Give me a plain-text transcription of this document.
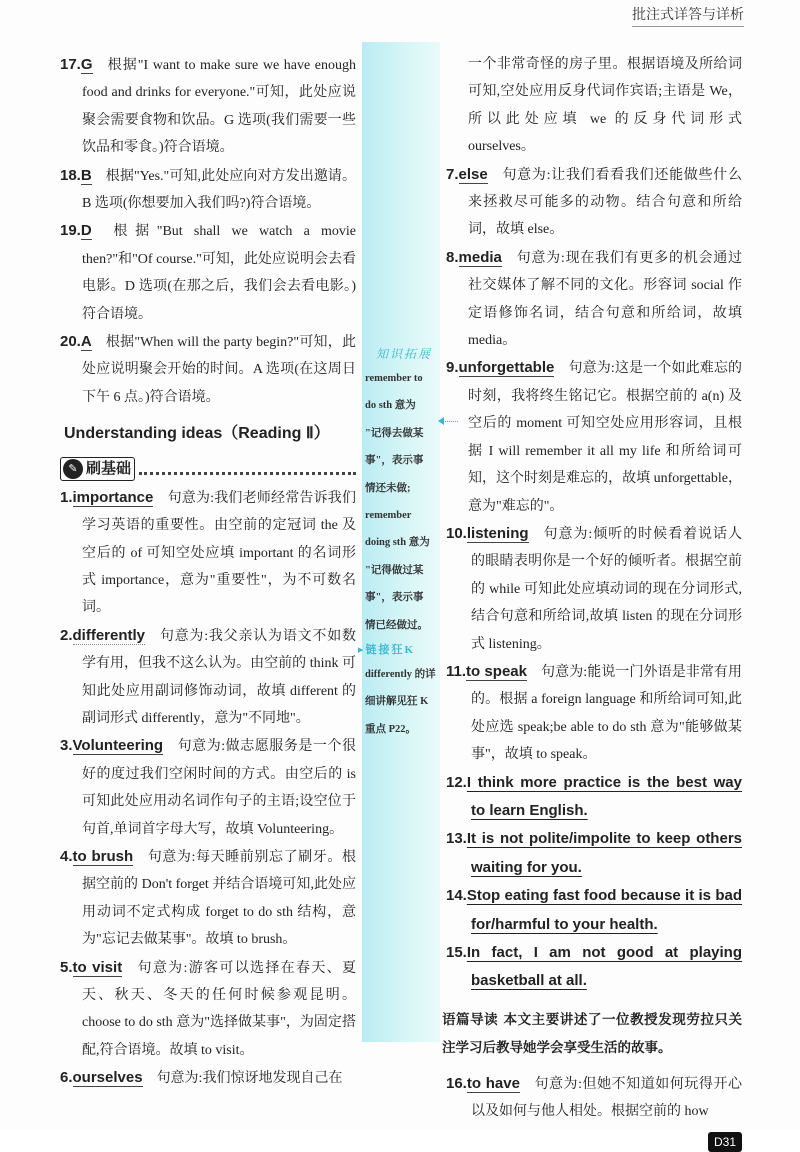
批注式详答与详析
17.G 根据"I want to make sure we have enough food and drinks for everyone."可知，此处应说聚会需要食物和饮品。G 选项(我们需要一些饮品和零食。)符合语境。
18.B 根据"Yes."可知,此处应向对方发出邀请。B 选项(你想要加入我们吗?)符合语境。
19.D 根据"But shall we watch a movie then?"和"Of course."可知，此处应说明会去看电影。D 选项(在那之后，我们会去看电影。)符合语境。
20.A 根据"When will the party begin?"可知，此处应说明聚会开始的时间。A 选项(在这周日下午 6 点。)符合语境。
Understanding ideas（Reading Ⅱ）
✎ 刷基础
1.importance 句意为:我们老师经常告诉我们学习英语的重要性。由空前的定冠词 the 及空后的 of 可知空处应填 important 的名词形式 importance，意为"重要性"，为不可数名词。
2.differently 句意为:我父亲认为语文不如数学有用，但我不这么认为。由空前的 think 可知此处应用副词修饰动词，故填 different 的副词形式 differently，意为"不同地"。
3.Volunteering 句意为:做志愿服务是一个很好的度过我们空闲时间的方式。由空后的 is 可知此处应用动名词作句子的主语;设空位于句首,单词首字母大写，故填 Volunteering。
4.to brush 句意为:每天睡前别忘了刷牙。根据空前的 Don't forget 并结合语境可知,此处应用动词不定式构成 forget to do sth 结构，意为"忘记去做某事"。故填 to brush。
5.to visit 句意为:游客可以选择在春天、夏天、秋天、冬天的任何时候参观昆明。choose to do sth 意为"选择做某事"，为固定搭配,符合语境。故填 to visit。
6.ourselves 句意为:我们惊讶地发现自己在
知识拓展
remember to
do sth 意为
"记得去做某
事"，表示事
情还未做;
remember
doing sth 意为
"记得做过某
事"，表示事
情已经做过。
▸链接狂K
differently 的详
细讲解见狂 K
重点 P22。
一个非常奇怪的房子里。根据语境及所给词可知,空处应用反身代词作宾语;主语是 We，所以此处应填 we 的反身代词形式 ourselves。
7.else 句意为:让我们看看我们还能做些什么来拯救尽可能多的动物。结合句意和所给词，故填 else。
8.media 句意为:现在我们有更多的机会通过社交媒体了解不同的文化。形容词 social 作定语修饰名词，结合句意和所给词，故填 media。
9.unforgettable 句意为:这是一个如此难忘的时刻，我将终生铭记它。根据空前的 a(n) 及空后的 moment 可知空处应用形容词，且根据 I will remember it all my life 和所给词可知，这个时刻是难忘的，故填 unforgettable，意为"难忘的"。
10.listening 句意为:倾听的时候看着说话人的眼睛表明你是一个好的倾听者。根据空前的 while 可知此处应填动词的现在分词形式,结合句意和所给词,故填 listen 的现在分词形式 listening。
11.to speak 句意为:能说一门外语是非常有用的。根据 a foreign language 和所给词可知,此处应选 speak;be able to do sth 意为"能够做某事"，故填 to speak。
12.I think more practice is the best way to learn English.
13.It is not polite/impolite to keep others waiting for you.
14.Stop eating fast food because it is bad for/harmful to your health.
15.In fact, I am not good at playing basketball at all.
语篇导读 本文主要讲述了一位教授发现劳拉只关注学习后教导她学会享受生活的故事。
16.to have 句意为:但她不知道如何玩得开心以及如何与他人相处。根据空前的 how
D31
